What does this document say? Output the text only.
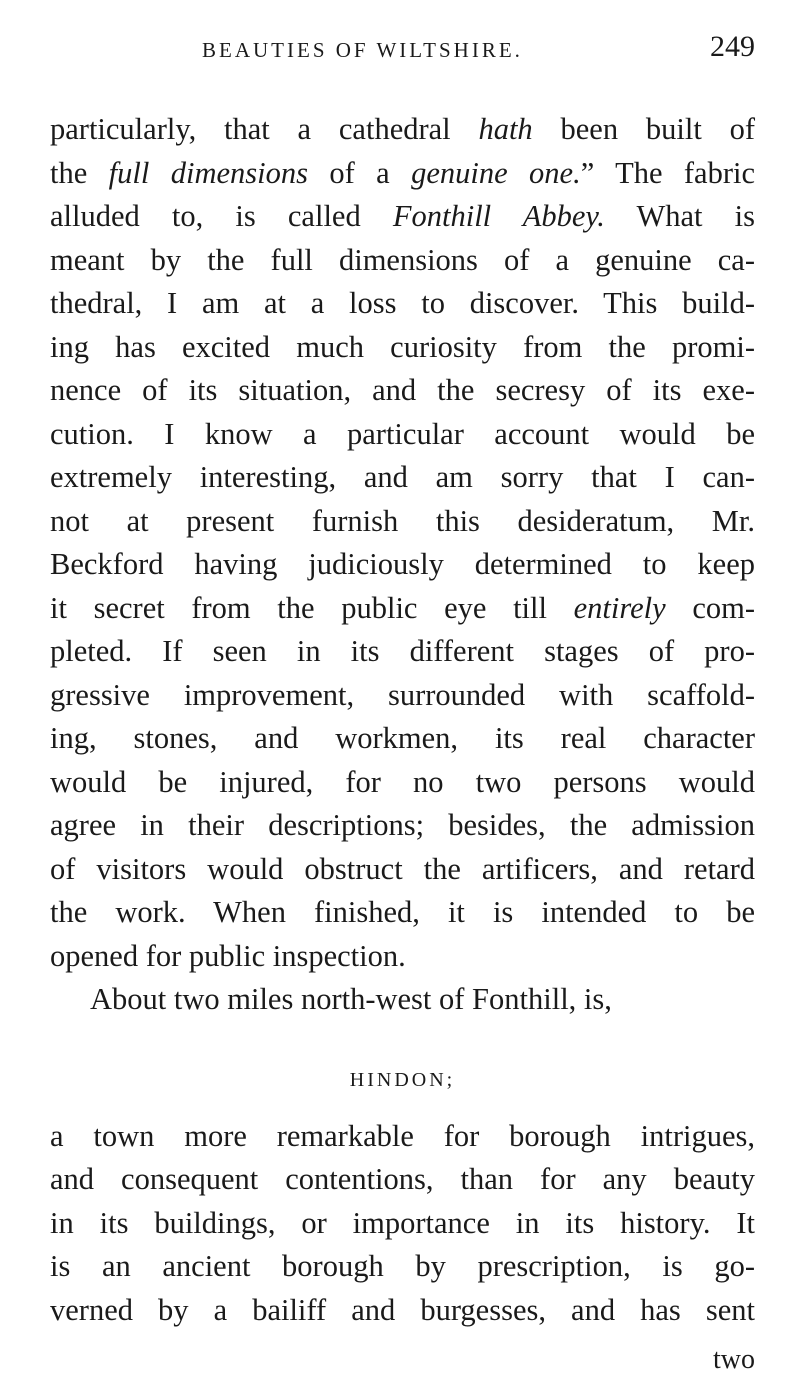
BEAUTIES OF WILTSHIRE.	249
particularly, that a cathedral hath been built of
the full dimensions of a genuine one.” The fabric
alluded to, is called Fonthill Abbey. What is
meant by the full dimensions of a genuine ca-
thedral, I am at a loss to discover. This build-
ing has excited much curiosity from the promi-
nence of its situation, and the secresy of its exe-
cution. I know a particular account would be
extremely interesting, and am sorry that I can-
not at present furnish this desideratum, Mr.
Beckford having judiciously determined to keep
it secret from the public eye till entirely com-
pleted. If seen in its different stages of pro-
gressive improvement, surrounded with scaffold-
ing, stones, and workmen, its real character
would be injured, for no two persons would
agree in their descriptions; besides, the admission
of visitors would obstruct the artificers, and retard
the work. When finished, it is intended to be
opened for public inspection.
About two miles north-west of Fonthill, is,
HINDON;
a town more remarkable for borough intrigues,
and consequent contentions, than for any beauty
in its buildings, or importance in its history. It
is an ancient borough by prescription, is go-
verned by a bailiff and burgesses, and has sent
two
